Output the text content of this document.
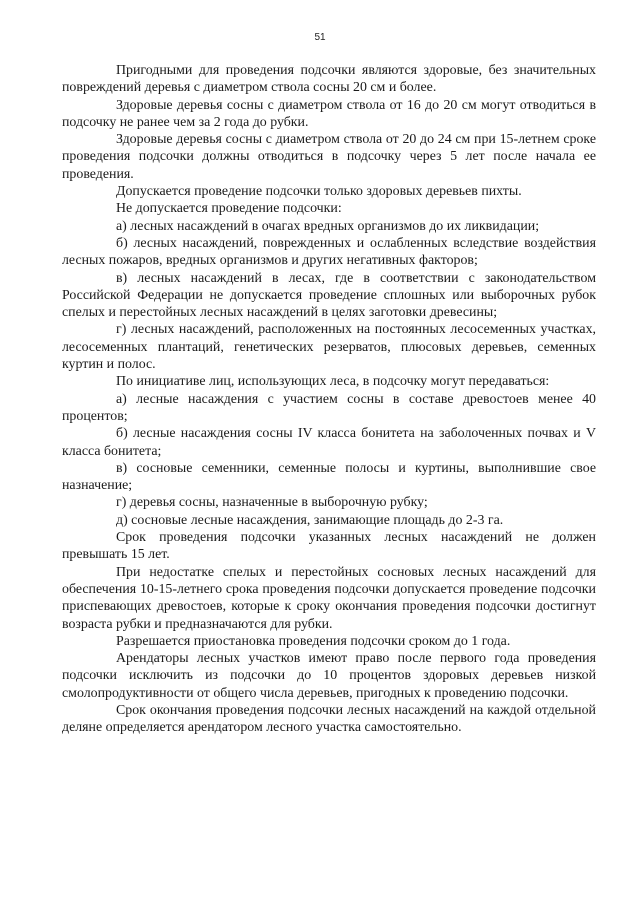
51

Пригодными для проведения подсочки являются здоровые, без значительных повреждений деревья с диаметром ствола сосны 20 см и более.

Здоровые деревья сосны с диаметром ствола от 16 до 20 см могут отводиться в подсочку не ранее чем за 2 года до рубки.

Здоровые деревья сосны с диаметром ствола от 20 до 24 см при 15-летнем сроке проведения подсочки должны отводиться в подсочку через 5 лет после начала ее проведения.

Допускается проведение подсочки только здоровых деревьев пихты.

Не допускается проведение подсочки:

а) лесных насаждений в очагах вредных организмов до их ликвидации;

б) лесных насаждений, поврежденных и ослабленных вследствие воздействия лесных пожаров, вредных организмов и других негативных факторов;

в) лесных насаждений в лесах, где в соответствии с законодательством Российской Федерации не допускается проведение сплошных или выборочных рубок спелых и перестойных лесных насаждений в целях заготовки древесины;

г) лесных насаждений, расположенных на постоянных лесосеменных участках, лесосеменных плантаций, генетических резерватов, плюсовых деревьев, семенных куртин и полос.

По инициативе лиц, использующих леса, в подсочку могут передаваться:

а) лесные насаждения с участием сосны в составе древостоев менее 40 процентов;

б) лесные насаждения сосны IV класса бонитета на заболоченных почвах и V класса бонитета;

в) сосновые семенники, семенные полосы и куртины, выполнившие свое назначение;

г) деревья сосны, назначенные в выборочную рубку;

д) сосновые лесные насаждения, занимающие площадь до 2-3 га.

Срок проведения подсочки указанных лесных насаждений не должен превышать 15 лет.

При недостатке спелых и перестойных сосновых лесных насаждений для обеспечения 10-15-летнего срока проведения подсочки допускается проведение подсочки приспевающих древостоев, которые к сроку окончания проведения подсочки достигнут возраста рубки и предназначаются для рубки.

Разрешается приостановка проведения подсочки сроком до 1 года.

Арендаторы лесных участков имеют право после первого года проведения подсочки исключить из подсочки до 10 процентов здоровых деревьев низкой смолопродуктивности от общего числа деревьев, пригодных к проведению подсочки.

Срок окончания проведения подсочки лесных насаждений на каждой отдельной деляне определяется арендатором лесного участка самостоятельно.
